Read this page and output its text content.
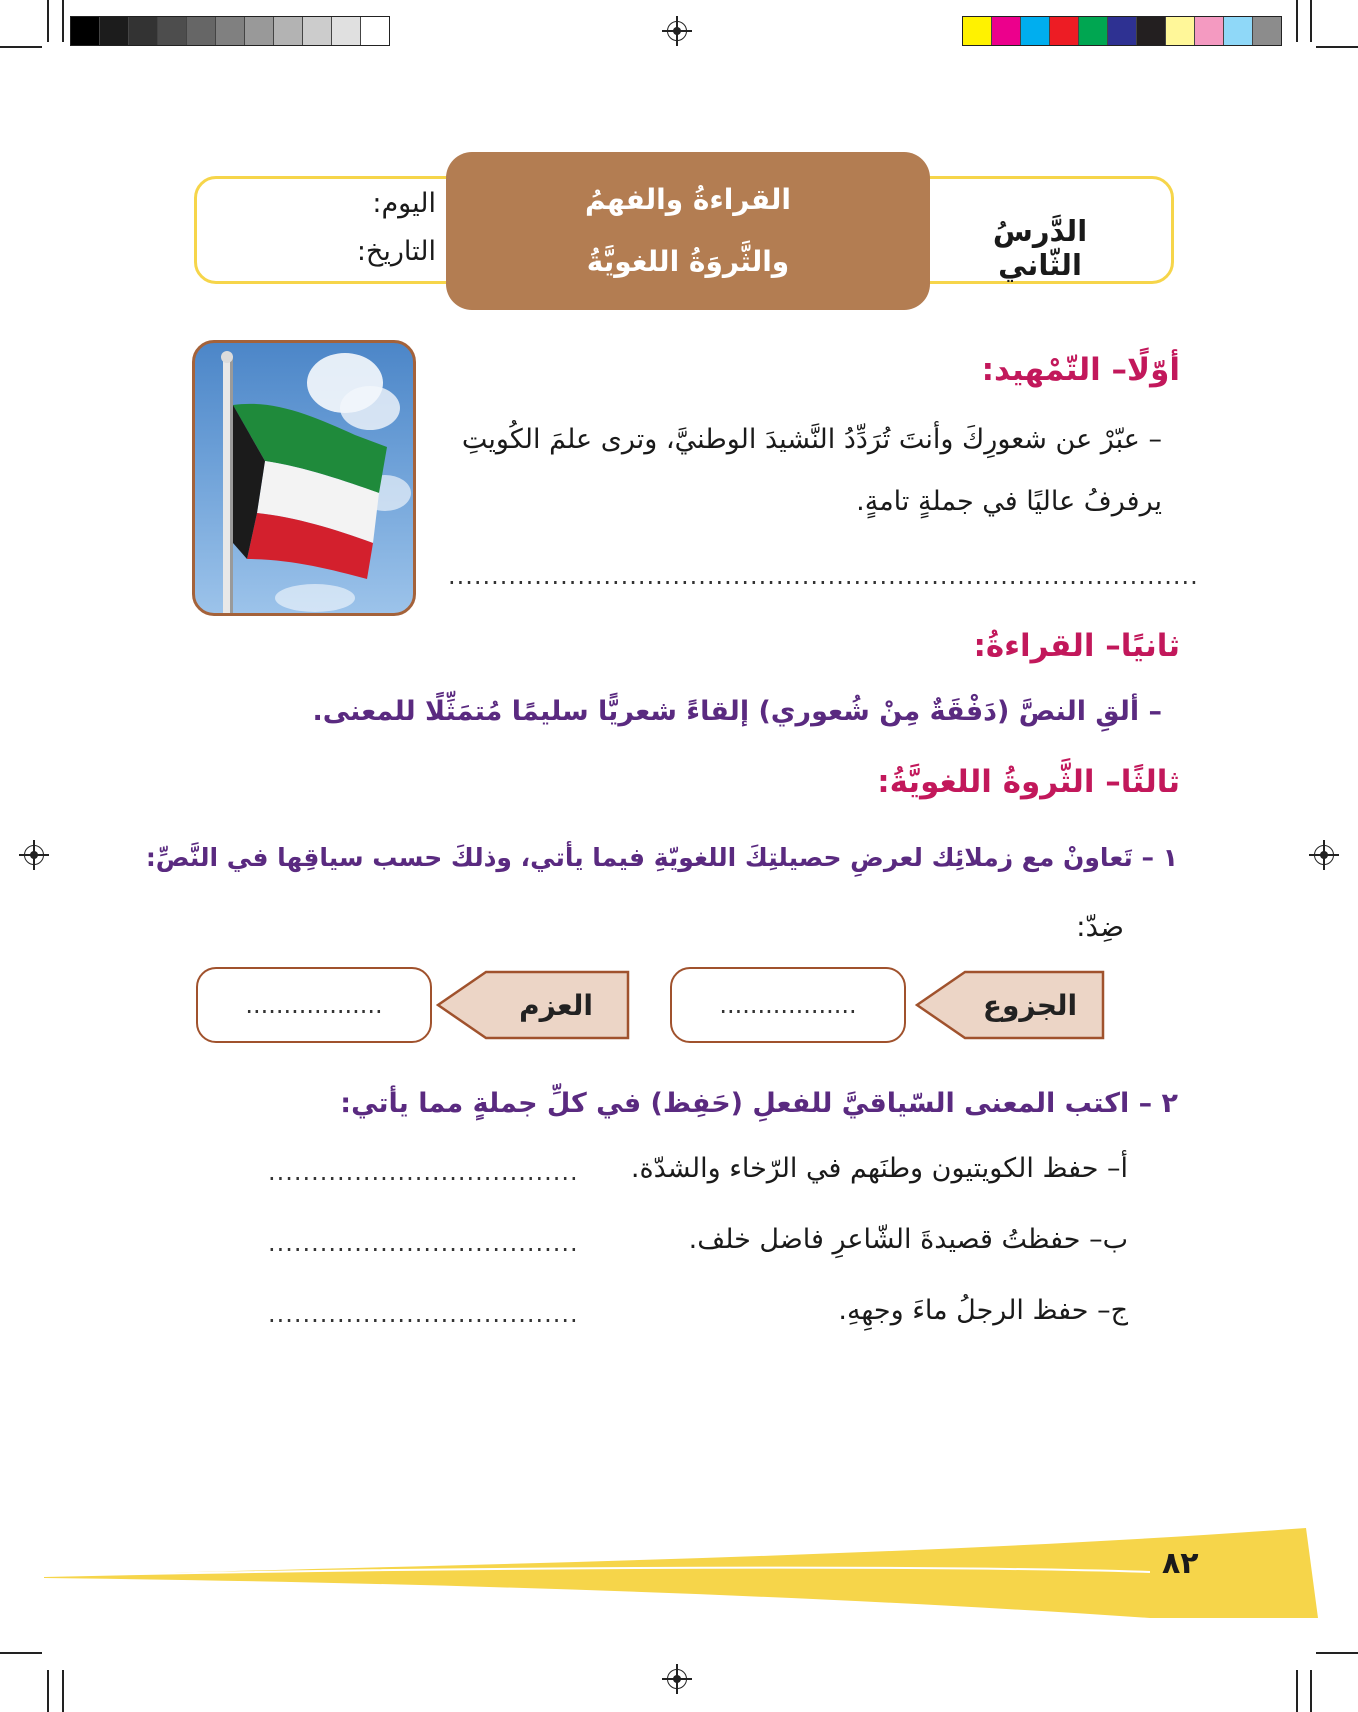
القراءةُ والفهمُ
والثَّروَةُ اللغويَّةُ
الدَّرسُ الثّاني
اليوم:
التاريخ:
أوّلًا– التّمْهيد:
– عبّرْ عن شعورِكَ وأنتَ تُرَدِّدُ النَّشيدَ الوطنيَّ، وترى علمَ الكُويتِ
يرفرفُ عاليًا في جملةٍ تامةٍ.
.......................................................................................
ثانيًا– القراءةُ:
– ألقِ النصَّ (دَفْقَةٌ مِنْ شُعوري) إلقاءً شعريًّا سليمًا مُتمَثِّلًا للمعنى.
ثالثًا– الثَّروةُ اللغويَّةُ:
١ – تَعاونْ مع زملائِك لعرضِ حصيلتِكَ اللغويّةِ فيما يأتي، وذلكَ حسب سياقِها في النَّصِّ:
ضِدّ:
الجزوع
..................
العزم
..................
٢ – اكتب المعنى السّياقيَّ للفعلِ (حَفِظ) في كلِّ جملةٍ مما يأتي:
أ– حفظ الكويتيون وطنَهم في الرّخاء والشدّة.
....................................
ب– حفظتُ قصيدةَ الشّاعرِ فاضل خلف.
....................................
ج– حفظ الرجلُ ماءَ وجهِهِ.
....................................
٨٢
